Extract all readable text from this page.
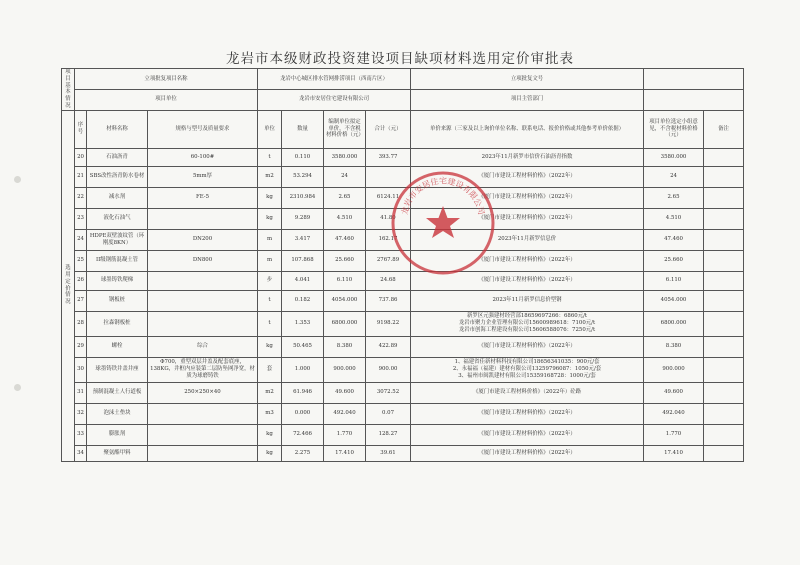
龙岩市本级财政投资建设项目缺项材料选用定价审批表
项目基本情况	立项批复项目名称			龙岩中心城区排水管网排涝项目（西南片区）				立项批复文号		
	项目单位			龙岩市安居住宅建设有限公司				项目主管部门		
选用定价情况	序号	材料名称	规格与型号及质量要求	单位	数量	编制单位拟定单价，不含税材料价格（元）	合计（元）	单价来源（三家及以上询价单位名称、联系电话、报价价格或其他参考单价依据）	项目单位选定小组意见，不含税材料价格（元）	备注
	20	石油沥青	60-100#	t	0.110	3580.000	393.77	2023年11月新罗市信价石油沥青指数	3580.000	
	21	SBS改性沥青防水卷材	5mm厚	m2	53.294	24		《厦门市建设工程材料价格》（2022年）	24	
	22	减水剂	FE-5	kg	2310.984	2.65	6124.11	《厦门市建设工程材料价格》（2022年）	2.65	
	23	液化石油气		kg	9.289	4.510	41.80	《厦门市建设工程材料价格》（2022年）	4.510	
	24	HDPE双壁波纹管（环刚度8KN）	DN200	m	3.417	47.460	162.17	2023年11月新罗信息价	47.460	
	25	II级钢筋混凝土管	DN800	m	107.868	25.660	2767.89	《厦门市建设工程材料价格》（2022年）	25.660	
	26	球墨铸铁爬梯		步	4.041	6.110	24.68	《厦门市建设工程材料价格》（2022年）	6.110	
	27	钢板桩		t	0.182	4054.000	737.86	2023年11月新罗信息价型钢	4054.000	
	28	拉森钢板桩		t	1.353	6800.000	9198.22	新罗区元强建材经营部18659697266：6860元/t
龙岩市聚力企业管理有限公司15600989618：7100元/t
龙岩市创海工程建设有限公司15606588076：7250元/t	6800.000	
	29	螺栓	综合	kg	50.465	8.380	422.89	《厦门市建设工程材料价格》（2022年）	8.380	
	30	球墨铸铁井盖井座	Φ700，重型双层井盖及配套底座，138KG，井框内应装第二层防坠网净宽，材质为球磨铸铁	套	1.000	900.000	900.00	1、福建省佳新材料科技有限公司18656341035：900元/套
2、永福福（福建）建材有限公司13259796087：1050元/套
3、福州市闽凯建材有限公司15359168728：1000元/套	900.000	
	31	预制混凝土人行道板	250×250×40	m2	61.946	49.600	3072.52	《厦门市建设工程材料价格》（2022年）砼路	49.600	
	32	泡沫土垫块		m3	0.000	492.040	0.07	《厦门市建设工程材料价格》（2022年）	492.040	
	33	膨胀剂		kg	72.466	1.770	128.27	《厦门市建设工程材料价格》（2022年）	1.770	
	34	聚氨酯甲料		kg	2.275	17.410	39.61	《厦门市建设工程材料价格》（2022年）	17.410	
龙岩市安居住宅建设有限公司
